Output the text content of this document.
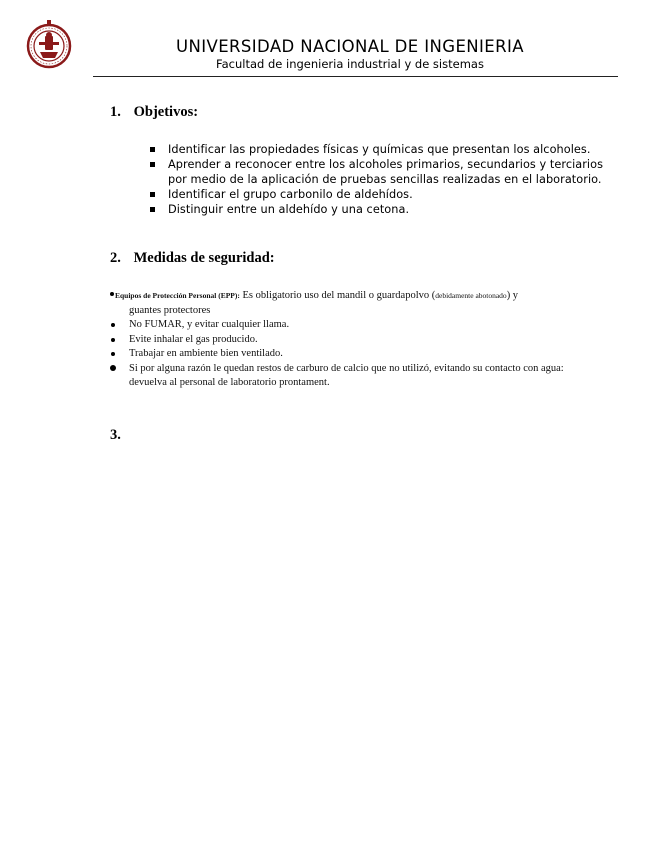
UNIVERSIDAD NACIONAL DE INGENIERIA
Facultad de ingenieria industrial y de sistemas
1. Objetivos:
Identificar las propiedades físicas y químicas que presentan los alcoholes.
Aprender a reconocer entre los alcoholes primarios, secundarios y terciarios por medio de la aplicación de pruebas sencillas realizadas en el laboratorio.
Identificar el grupo carbonilo de aldehídos.
Distinguir entre un aldehído y una cetona.
2. Medidas de seguridad:
Equipos de Protección Personal (EPP): Es obligatorio uso del mandil o guardapolvo (debidamente abotonado) y
guantes protectores
No FUMAR, y evitar cualquier llama.
Evite inhalar el gas producido.
Trabajar en ambiente bien ventilado.
Si por alguna razón le quedan restos de carburo de calcio que no utilizó, evitando su contacto con agua: devuelva al personal de laboratorio prontament.
3.
